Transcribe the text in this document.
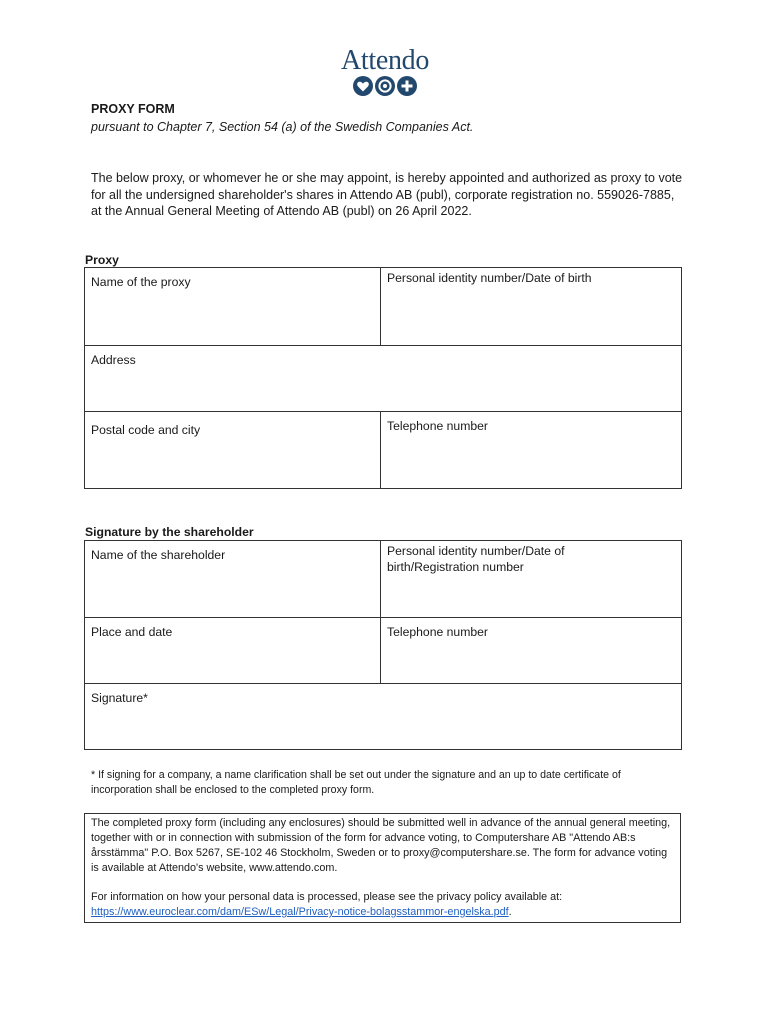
Attendo
PROXY FORM
pursuant to Chapter 7, Section 54 (a) of the Swedish Companies Act.
The below proxy, or whomever he or she may appoint, is hereby appointed and authorized as proxy to vote for all the undersigned shareholder's shares in Attendo AB (publ), corporate registration no. 559026-7885, at the Annual General Meeting of Attendo AB (publ) on 26 April 2022.
Proxy
Name of the proxy	Personal identity number/Date of birth

Address	

Postal code and city	Telephone number
Signature by the shareholder
Name of the shareholder	Personal identity number/Date of birth/Registration number

Place and date	Telephone number

Signature*	
* If signing for a company, a name clarification shall be set out under the signature and an up to date certificate of incorporation shall be enclosed to the completed proxy form.

The completed proxy form (including any enclosures) should be submitted well in advance of the annual general meeting, together with or in connection with submission of the form for advance voting, to Computershare AB "Attendo AB:s årsstämma" P.O. Box 5267, SE-102 46 Stockholm, Sweden or to proxy@computershare.se. The form for advance voting is available at Attendo's website, www.attendo.com.

For information on how your personal data is processed, please see the privacy policy available at:
https://www.euroclear.com/dam/ESw/Legal/Privacy-notice-bolagsstammor-engelska.pdf.
